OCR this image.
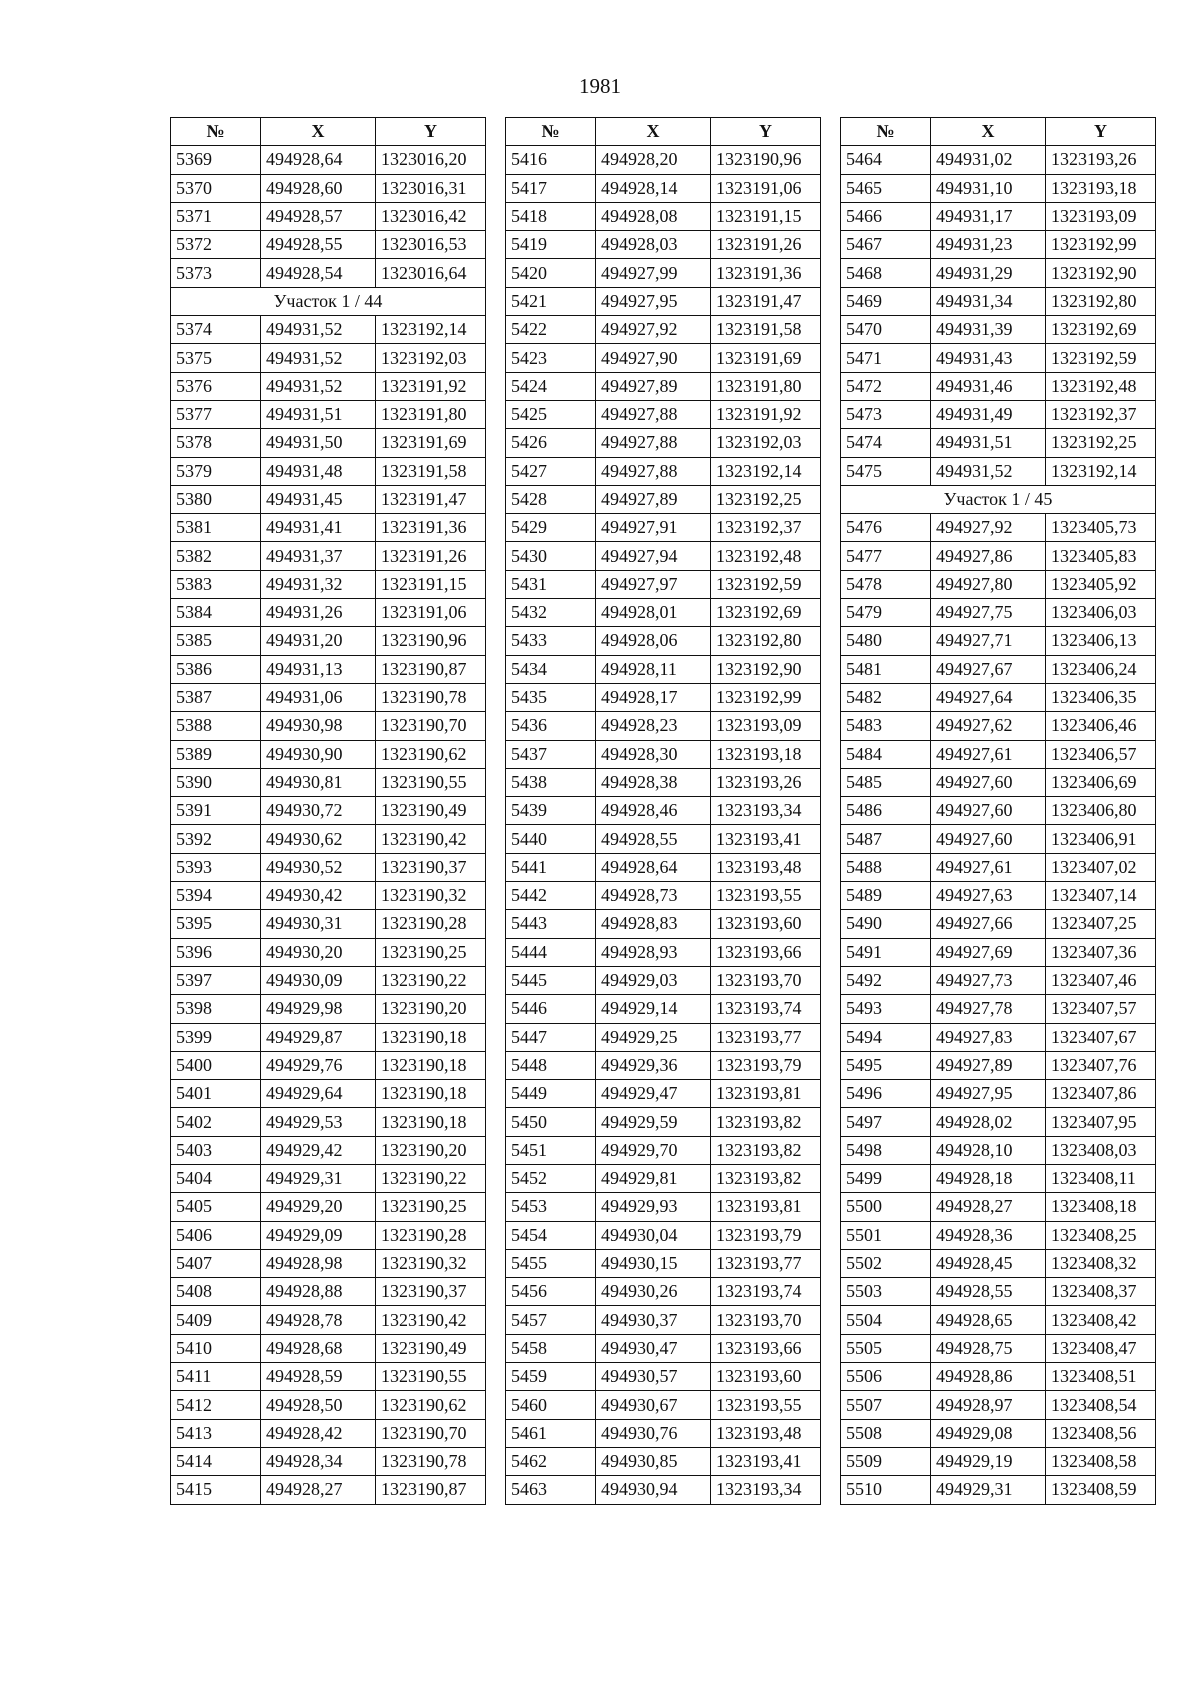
1981
№	X	Y
5369	494928,64	1323016,20
5370	494928,60	1323016,31
5371	494928,57	1323016,42
5372	494928,55	1323016,53
5373	494928,54	1323016,64
Участок 1 / 44		
5374	494931,52	1323192,14
5375	494931,52	1323192,03
5376	494931,52	1323191,92
5377	494931,51	1323191,80
5378	494931,50	1323191,69
5379	494931,48	1323191,58
5380	494931,45	1323191,47
5381	494931,41	1323191,36
5382	494931,37	1323191,26
5383	494931,32	1323191,15
5384	494931,26	1323191,06
5385	494931,20	1323190,96
5386	494931,13	1323190,87
5387	494931,06	1323190,78
5388	494930,98	1323190,70
5389	494930,90	1323190,62
5390	494930,81	1323190,55
5391	494930,72	1323190,49
5392	494930,62	1323190,42
5393	494930,52	1323190,37
5394	494930,42	1323190,32
5395	494930,31	1323190,28
5396	494930,20	1323190,25
5397	494930,09	1323190,22
5398	494929,98	1323190,20
5399	494929,87	1323190,18
5400	494929,76	1323190,18
5401	494929,64	1323190,18
5402	494929,53	1323190,18
5403	494929,42	1323190,20
5404	494929,31	1323190,22
5405	494929,20	1323190,25
5406	494929,09	1323190,28
5407	494928,98	1323190,32
5408	494928,88	1323190,37
5409	494928,78	1323190,42
5410	494928,68	1323190,49
5411	494928,59	1323190,55
5412	494928,50	1323190,62
5413	494928,42	1323190,70
5414	494928,34	1323190,78
5415	494928,27	1323190,87
№	X	Y
5416	494928,20	1323190,96
5417	494928,14	1323191,06
5418	494928,08	1323191,15
5419	494928,03	1323191,26
5420	494927,99	1323191,36
5421	494927,95	1323191,47
5422	494927,92	1323191,58
5423	494927,90	1323191,69
5424	494927,89	1323191,80
5425	494927,88	1323191,92
5426	494927,88	1323192,03
5427	494927,88	1323192,14
5428	494927,89	1323192,25
5429	494927,91	1323192,37
5430	494927,94	1323192,48
5431	494927,97	1323192,59
5432	494928,01	1323192,69
5433	494928,06	1323192,80
5434	494928,11	1323192,90
5435	494928,17	1323192,99
5436	494928,23	1323193,09
5437	494928,30	1323193,18
5438	494928,38	1323193,26
5439	494928,46	1323193,34
5440	494928,55	1323193,41
5441	494928,64	1323193,48
5442	494928,73	1323193,55
5443	494928,83	1323193,60
5444	494928,93	1323193,66
5445	494929,03	1323193,70
5446	494929,14	1323193,74
5447	494929,25	1323193,77
5448	494929,36	1323193,79
5449	494929,47	1323193,81
5450	494929,59	1323193,82
5451	494929,70	1323193,82
5452	494929,81	1323193,82
5453	494929,93	1323193,81
5454	494930,04	1323193,79
5455	494930,15	1323193,77
5456	494930,26	1323193,74
5457	494930,37	1323193,70
5458	494930,47	1323193,66
5459	494930,57	1323193,60
5460	494930,67	1323193,55
5461	494930,76	1323193,48
5462	494930,85	1323193,41
5463	494930,94	1323193,34
№	X	Y
5464	494931,02	1323193,26
5465	494931,10	1323193,18
5466	494931,17	1323193,09
5467	494931,23	1323192,99
5468	494931,29	1323192,90
5469	494931,34	1323192,80
5470	494931,39	1323192,69
5471	494931,43	1323192,59
5472	494931,46	1323192,48
5473	494931,49	1323192,37
5474	494931,51	1323192,25
5475	494931,52	1323192,14
Участок 1 / 45		
5476	494927,92	1323405,73
5477	494927,86	1323405,83
5478	494927,80	1323405,92
5479	494927,75	1323406,03
5480	494927,71	1323406,13
5481	494927,67	1323406,24
5482	494927,64	1323406,35
5483	494927,62	1323406,46
5484	494927,61	1323406,57
5485	494927,60	1323406,69
5486	494927,60	1323406,80
5487	494927,60	1323406,91
5488	494927,61	1323407,02
5489	494927,63	1323407,14
5490	494927,66	1323407,25
5491	494927,69	1323407,36
5492	494927,73	1323407,46
5493	494927,78	1323407,57
5494	494927,83	1323407,67
5495	494927,89	1323407,76
5496	494927,95	1323407,86
5497	494928,02	1323407,95
5498	494928,10	1323408,03
5499	494928,18	1323408,11
5500	494928,27	1323408,18
5501	494928,36	1323408,25
5502	494928,45	1323408,32
5503	494928,55	1323408,37
5504	494928,65	1323408,42
5505	494928,75	1323408,47
5506	494928,86	1323408,51
5507	494928,97	1323408,54
5508	494929,08	1323408,56
5509	494929,19	1323408,58
5510	494929,31	1323408,59
